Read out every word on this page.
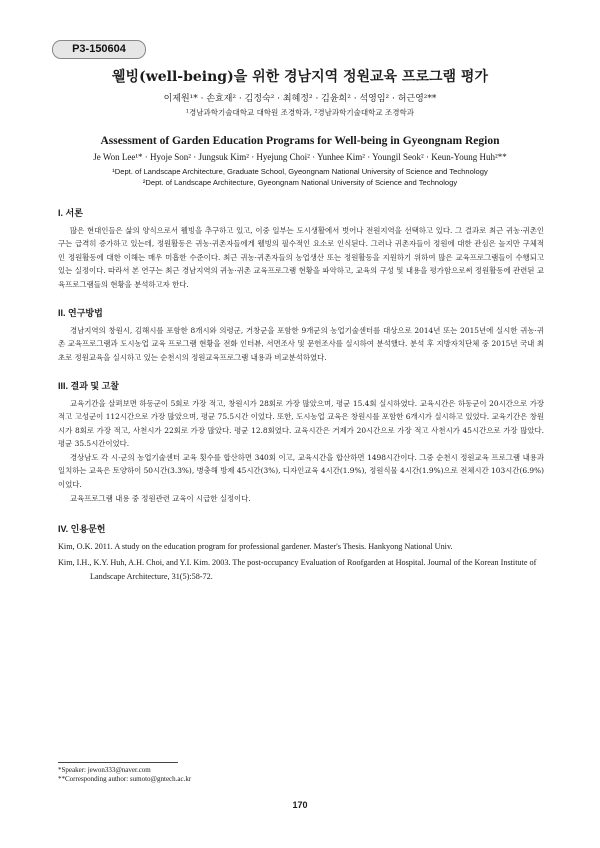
P3-150604
웰빙(well-being)을 위한 경남지역 정원교육 프로그램 평가
이제원¹* · 손효재² · 김정숙² · 최혜정² · 김윤희² · 석영임² · 허근영²**
¹경남과학기술대학교 대학원 조경학과, ²경남과학기술대학교 조경학과
Assessment of Garden Education Programs for Well-being in Gyeongnam Region
Je Won Lee¹* · Hyoje Son² · Jungsuk Kim² · Hyejung Choi² · Yunhee Kim² · Youngil Seok² · Keun-Young Huh²**
¹Dept. of Landscape Architecture, Graduate School, Gyeongnam National University of Science and Technology
²Dept. of Landscape Architecture, Gyeongnam National University of Science and Technology
I. 서론

많은 현대인들은 삶의 양식으로서 웰빙을 추구하고 있고, 이중 일부는 도시생활에서 벗어나 전원지역을 선택하고 있다. 그 결과로 최근 귀농·귀촌인구는 급격히 증가하고 있는데, 정원활동은 귀농·귀촌자들에게 웰빙의 필수적인 요소로 인식된다. 그러나 귀촌자들이 정원에 대한 관심은 높지만 구체적인 정원활동에 대한 이해는 매우 미흡한 수준이다. 최근 귀농·귀촌자들의 농업생산 또는 정원활동을 지원하기 위하여 많은 교육프로그램들이 수행되고 있는 실정이다. 따라서 본 연구는 최근 경남지역의 귀농·귀촌 교육프로그램 현황을 파악하고, 교육의 구성 및 내용을 평가함으로써 정원활동에 관련된 교육프로그램들의 현황을 분석하고자 한다.

II. 연구방법

경남지역의 창원시, 김해시를 포함한 8개시와 의령군, 거창군을 포함한 9개군의 농업기술센터를 대상으로 2014년 또는 2015년에 실시한 귀농·귀촌 교육프로그램과 도시농업 교육 프로그램 현황을 전화 인터뷰, 서면조사 및 문헌조사를 실시하여 분석했다. 분석 후 지방자치단체 중 2015년 국내 최초로 정원교육을 실시하고 있는 순천시의 정원교육프로그램 내용과 비교분석하였다.

III. 결과 및 고찰

교육기간을 살펴보면 하동군이 5회로 가장 적고, 창원시가 28회로 가장 많았으며, 평균 15.4회 실시하였다. 교육시간은 하동군이 20시간으로 가장 적고 고성군이 112시간으로 가장 많았으며, 평균 75.5시간 이었다. 또한, 도시농업 교육은 창원시를 포함한 6개시가 실시하고 있었다. 교육기간은 창원시가 8회로 가장 적고, 사천시가 22회로 가장 많았다. 평균 12.8회였다. 교육시간은 거제가 20시간으로 가장 적고 사천시가 45시간으로 가장 많았다. 평균 35.5시간이었다.

경상남도 각 시·군의 농업기술센터 교육 횟수를 합산하면 340회 이고, 교육시간을 합산하면 1498시간이다. 그중 순천시 정원교육 프로그램 내용과 일치하는 교육은 토양하이 50시간(3.3%), 병충해 방제 45시간(3%), 디자인교육 4시간(1.9%), 정원식물 4시간(1.9%)으로 전체시간 103시간(6.9%)이었다.

교육프로그램 내용 중 정원관련 교육이 시급한 실정이다.

IV. 인용문헌

Kim, O.K. 2011. A study on the education program for professional gardener. Master's Thesis. Hankyong National Univ.

Kim, I.H., K.Y. Huh, A.H. Choi, and Y.I. Kim. 2003. The post-occupancy Evaluation of Roofgarden at Hospital. Journal of the Korean Institute of Landscape Architecture, 31(5):58-72.

*Speaker: jewon333@naver.com
**Corresponding author: sumoto@gntech.ac.kr
170
